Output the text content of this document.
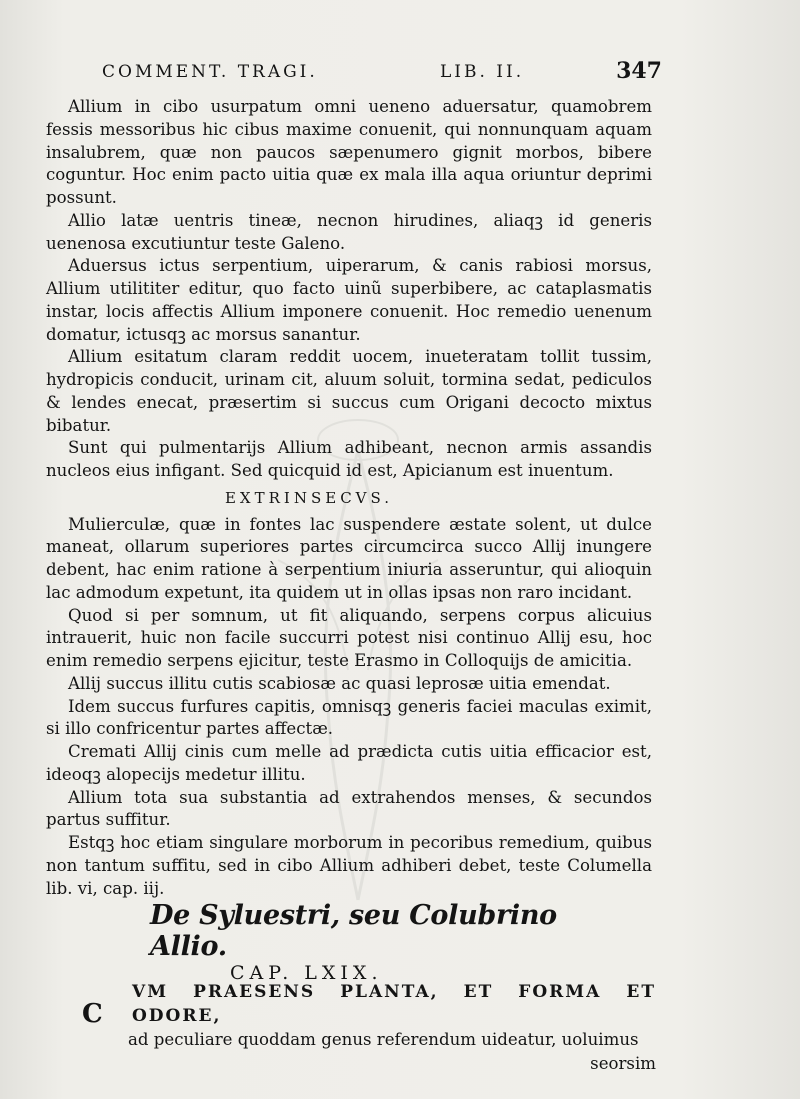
COMMENT. TRAGI.	LIB. II.	347

Allium in cibo usurpatum omni ueneno aduersatur, quamobrem fessis messoribus hic cibus maxime conuenit, qui nonnunquam aquam insalubrem, quæ non paucos sæpenumero gignit morbos, bibere coguntur. Hoc enim pacto uitia quæ ex mala illa aqua oriuntur deprimi possunt.

Allio latæ uentris tineæ, necnon hirudines, aliaqꝫ id generis uenenosa excutiuntur teste Galeno.

Aduersus ictus serpentium, uiperarum, & canis rabiosi morsus, Allium utilititer editur, quo facto uinũ superbibere, ac cataplasmatis instar, locis affectis Allium imponere conuenit. Hoc remedio uenenum domatur, ictusqꝫ ac morsus sanantur.

Allium esitatum claram reddit uocem, inueteratam tollit tussim, hydropicis conducit, urinam cit, aluum soluit, tormina sedat, pediculos & lendes enecat, præsertim si succus cum Origani decocto mixtus bibatur.

Sunt qui pulmentarijs Allium adhibeant, necnon armis assandis nucleos eius infigant. Sed quicquid id est, Apicianum est inuentum.

EXTRINSECVS.

Mulierculæ, quæ in fontes lac suspendere æstate solent, ut dulce maneat, ollarum superiores partes circumcirca succo Allij inungere debent, hac enim ratione à serpentium iniuria asseruntur, qui alioquin lac admodum expetunt, ita quidem ut in ollas ipsas non raro incidant.

Quod si per somnum, ut fit aliquando, serpens corpus alicuius intrauerit, huic non facile succurri potest nisi continuo Allij esu, hoc enim remedio serpens ejicitur, teste Erasmo in Colloquijs de amicitia.

Allij succus illitu cutis scabiosæ ac quasi leprosæ uitia emendat.

Idem succus furfures capitis, omnisqꝫ generis faciei maculas eximit, si illo confricentur partes affectæ.

Cremati Allij cinis cum melle ad prædicta cutis uitia efficacior est, ideoqꝫ alopecijs medetur illitu.

Allium tota sua substantia ad extrahendos menses, & secundos partus suffitur.

Estqꝫ hoc etiam singulare morborum in pecoribus remedium, quibus non tantum suffitu, sed in cibo Allium adhiberi debet, teste Columella lib. vi, cap. iij.

De Syluestri, seu Colubrino Allio.
CAP. LXIX.
C
VM PRAESENS PLANTA, ET FORMA ET ODORE,
ad peculiare quoddam genus referendum uideatur, uoluimus
seorsim
